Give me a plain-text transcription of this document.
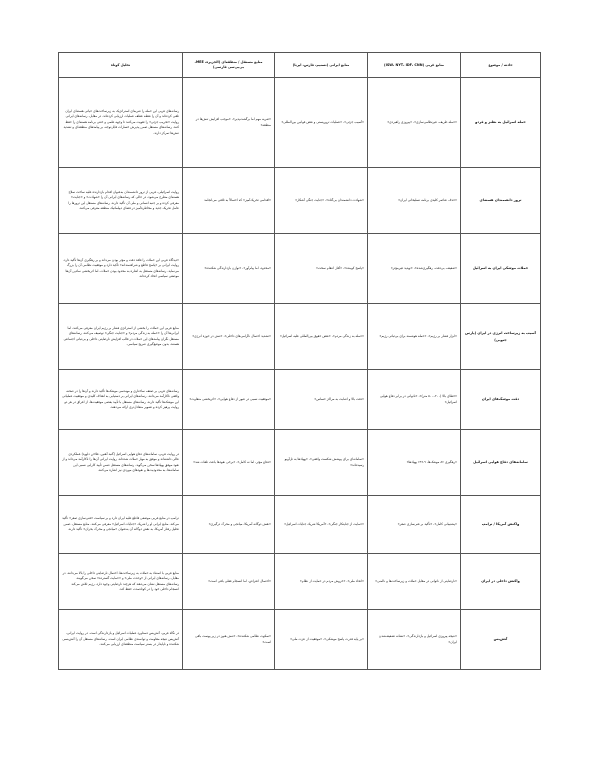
حادثه / موضوع	منابع غربی (ISW، NYT، IDF، CNN)	منابع ایرانی (تسنیم، فارس، ایرنا)	منابع مستقل / منطقه‌ای (الجزیره، MEE، بی‌بی‌سی فارسی)	تحلیل کوتاه
حمله اسرائیل به نطنز و فردو	«حمله ظریف، غیرنظامی‌سازی»، «پیروزی راهبردی»	«آسیب جزئی»، «عملیات تروریستی و نقض قوانین بین‌المللی»	«ضربه مهم اما برگشت‌پذیر»، «موجب افزایش تنش‌ها در منطقه»	رسانه‌های غربی این حمله را ضربه‌ای استراتژیک به زیرساخت‌های حیاتی هسته‌ای ایران تلقی کرده‌اند و آن را نقطه عطف عملیات ارزیابی کرده‌اند. در مقابل، رسانه‌های ایرانی روایت «تخریب جزئی» را تقویت می‌کنند تا وجهه علمی و خنثی برنامه هسته‌ای را حفظ کنند. رسانه‌های مستقل ضمن پذیرش خسارات قابل‌توجه، بر پیامدهای منطقه‌ای و تشدید تنش‌ها تمرکز دارند.
ترور دانشمندان هسته‌ای	«حذف عناصر کلیدی برنامه تسلیحاتی ایران»	«شهادت دانشمندان بی‌گناه»، «جنایت جنگی آشکار»	«اقدامی تحریک‌آمیز» که احتمالاً به تلافی می‌انجامد	روایت اسرائیلی، غربی از ترور دانشمندان به‌عنوان اقدام بازدارنده علیه ساخت سلاح هسته‌ای مطرح می‌شود، در حالی که رسانه‌های ایرانی آن را «شهادت» و «جنایت» معرفی کرده و بر جنبه انسانی و ملی آن تأکید دارند. رسانه‌های مستقل این ترورها را عامل تحریک جدید و مخاطره‌آمیز در فضای دیپلماتیک منطقه معرفی می‌کنند.
حملات موشکی ایران به اسرائیل	«ضعیف، بی‌دقت، رهگیری‌شده»، «تهدید غیرمؤثر»	«پاسخ کوبنده»، «آغاز انتقام سخت»	«محدود، اما پیام‌آور»، «توازن بازدارندگی شکننده»	«دیدگاه غربی این حملات را فاقد دقت و مؤثر بودن می‌داند و بر رهگیری آن‌ها تأکید دارد. روایت ایرانی بر «پاسخ قاطع و شرافتمندانه» تأکید دارد و موفقیت نظامی آن را بزرگ می‌نماید. رسانه‌های مستقل به اشاره به محدود بودن حملات، اما اثربخشی نمادین آن‌ها موضعی سیاسی اتخاذ کرده‌اند.
آسیب به زیرساخت انرژی در ایران (پارس جنوبی)	«ابزار فشار بر رژیم»، «حمله هوشمند برای بی‌ثباتی رژیم»	«حمله به زندگی مردم»، «نقض حقوق بین‌المللی علیه اسرائیل»	«تشدید احتمال ناآرامی‌های داخلی»، «تنش در حوزه انرژی»	منابع غربی این حملات را بخشی از استراتژی فشار بر رژیم ایران معرفی می‌کنند، اما ایرانی‌ها آن را «حمله به زندگی مردم» و «جنایت جنگی» توصیف می‌کنند. رسانه‌های مستقل نگران پیامدهای این حملات در قالب افزایش نارضایتی داخلی و بی‌ثباتی اجتماعی هستند، بدون موضع‌گیری صریح سیاسی.
دقت موشک‌های ایران	«خطای بالا (۲۰۰–۵۰۰ متر)»، «ناتوانی در برابر دفاع هوایی اسرائیل»	«دقت بالا و اصابت به مراکز حساس»	«موفقیت نسبی در عبور از دفاع هوایی»، «اثربخشی متفاوت»	رسانه‌های غربی بر ضعف ساختاری و مهندسی موشک‌ها تأکید دارند و آن‌ها را در صحنه واقعی ناکارآمد می‌دانند. رسانه‌های ایرانی بر دستیابی به اهداف کلیدی و موفقیت عملیاتی این موشک‌ها تأکید دارند. رسانه‌های مستقل با تأیید بعضی موفقیت‌ها، از اغراق در هر دو روایت پرهیز کرده و تصویر متعادل‌تری ارائه می‌دهند.
سامانه‌های دفاع هوایی اسرائیل	«رهگیری ۸۶ موشک‌ها، ۹۹.۹٪ پهپادها»	«سامانه‌ای برای پوشش شکست واقعی»، «پهپادها به تل‌آویو رسیده‌اند»	«دفاع مؤثر، اما نه کامل»، «برخی نفوذها باعث تلفات شد»	در روایت غربی، سامانه‌های دفاع هوایی اسرائیل (گنبد آهنین، فلاخن داوود) عملکردی عالی داشته‌اند و موفق به مهار حملات شده‌اند. روایت ایرانی آن‌ها را ناکارآمد می‌داند و از نفوذ موفق پهپادها سخن می‌گوید. رسانه‌های مستقل ضمن تأیید کارایی نسبی این سامانه‌ها، به محدودیت‌ها و نفوذهای موردی نیز اشاره می‌کنند.
واکنش آمریکا / ترامپ	«پشتیبانی کامل»، «تأکید بر غنی‌سازی صفر»	«حمایت از جنایتکار جنگی»، «آمریکا شریک جنایات اسرائیل»	«نقش دوگانه آمریکا، میانجی و محرک درگیری»	ترامپ در منابع غربی موضعی قاطع علیه ایران دارد و بر سیاست «غنی‌سازی صفر» تأکید می‌کند. منابع ایرانی او را شریک «جنایات اسرائیل» معرفی می‌کنند. منابع مستقل، ضمن تحلیل رفتار آمریکا، به نقش دوگانه آن به‌عنوان «میانجی و محرک بحران» تأکید دارند.
واکنش داخلی در ایران	«نارضایتی از ناتوانی در مقابل حملات و زیرساخت‌ها و ناامنی»	«اتحاد ملی»، «خروش مردم در حمایت از نظام»	«احتمال اعتراض، اما انسجام فعلی باقی است»	منابع غربی با استناد به حملات به زیرساخت‌ها، احتمال نارضایتی داخلی را بالا می‌دانند. در مقابل، رسانه‌های ایرانی از «وحدت ملی» و «حمایت گسترده» سخن می‌گویند. رسانه‌های مستقل نشان می‌دهند که هرچند نارضایتی وجود دارد، رژیم تلاش می‌کند انسجام داخلی خود را در کوتاه‌مدت حفظ کند.
آتش‌بس	«نتیجه پیروزی اسرائیل و بازدارندگی»، «نشانه تضعیف‌شدن ایران»	«بر پایه قدرت پاسخ موشکی»، «موفقیت از عزت ملی»	«سکوت نظامی شکننده»، «تنش هنوز در زیر پوست باقی است»	در نگاه غربی، آتش‌بس دستاورد عملیات اسرائیل و بازدارندگی است. در روایت ایرانی، آتش‌بس نتیجه مقاومت و توانمندی نظامی ایران است. رسانه‌های مستقل آن را آتش‌بسی شکننده و ناپایدار در بستر سیاست منطقه‌ای ارزیابی می‌کنند.
